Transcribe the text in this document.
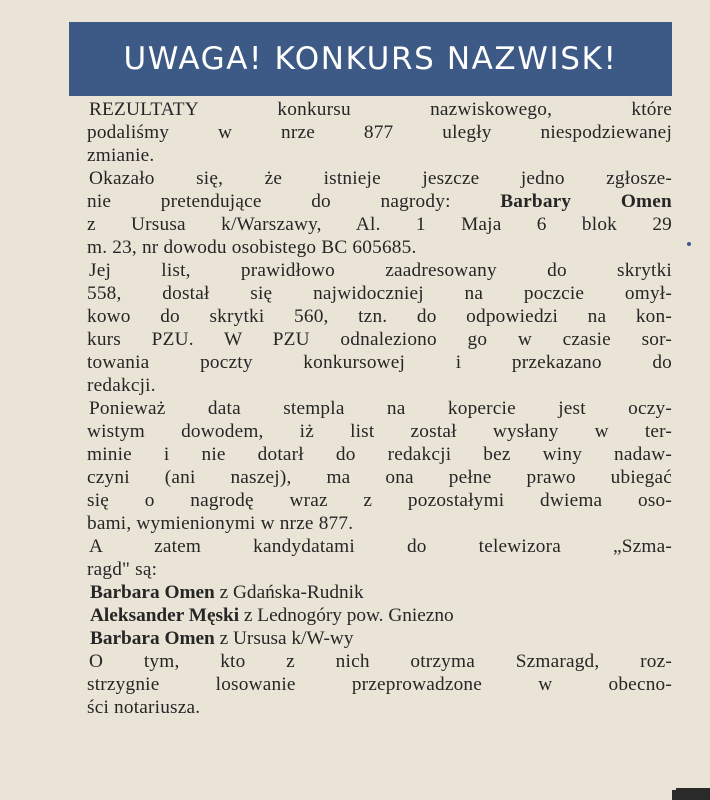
UWAGA! KONKURS NAZWISK!

REZULTATY konkursu nazwiskowego, które
podaliśmy w nrze 877 uległy niespodziewanej
zmianie.

Okazało się, że istnieje jeszcze jedno zgłosze-
nie pretendujące do nagrody:	Barbary Omen
z Ursusa k/Warszawy, Al. 1 Maja 6 blok 29
m. 23, nr dowodu osobistego BC 605685.

Jej list, prawidłowo zaadresowany do skrytki
558, dostał się najwidoczniej na poczcie omył-
kowo do skrytki 560, tzn. do odpowiedzi na kon-
kurs PZU. W PZU odnaleziono go w czasie sor-
towania poczty konkursowej i przekazano do
redakcji.

Ponieważ data stempla na kopercie jest oczy-
wistym dowodem, iż list został wysłany w ter-
minie i nie dotarł do redakcji bez winy nadaw-
czyni (ani naszej), ma ona pełne prawo ubiegać
się o nagrodę wraz z pozostałymi dwiema oso-
bami, wymienionymi w nrze 877.

A zatem kandydatami do telewizora „Szma-
ragd" są:

Barbara Omen z Gdańska-Rudnik
Aleksander Męski z Lednogóry pow. Gniezno
Barbara Omen z Ursusa k/W-wy

O tym, kto z nich otrzyma Szmaragd, roz-
strzygnie losowanie przeprowadzone w obecno-
ści notariusza.
